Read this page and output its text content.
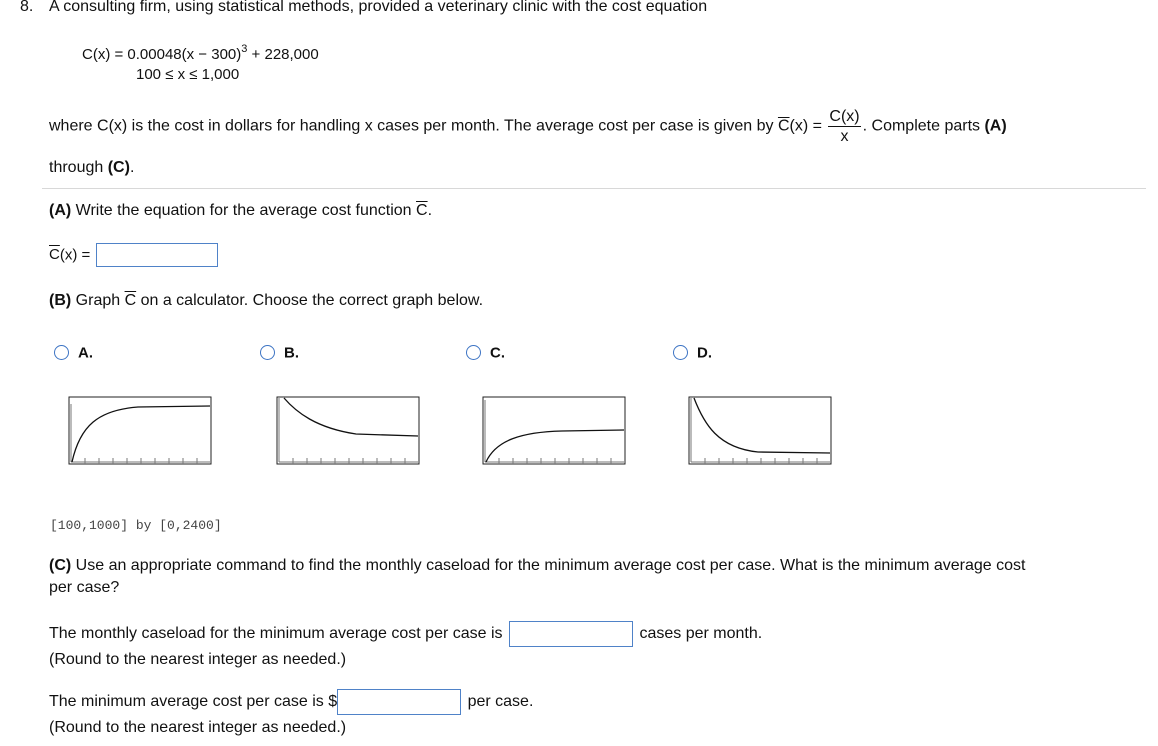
8. A consulting firm, using statistical methods, provided a veterinary clinic with the cost equation
$C(x) = 0.00048(x - 300)^3 + 228,000$
100 ≤ x ≤ 1,000
where C(x) is the cost in dollars for handling x cases per month. The average cost per case is given by $\overline{C}(x) = \frac{C(x)}{x}$ . Complete parts (A)
through (C).
(A) Write the equation for the average cost function $\overline{C}$.
$\overline{C}(x)$ =
(B) Graph $\overline{C}$ on a calculator. Choose the correct graph below.
A.	B.	C.	D.
[100,1000] by [0,2400]
(C) Use an appropriate command to find the monthly caseload for the minimum average cost per case. What is the minimum average cost
per case?
The monthly caseload for the minimum average cost per case is	cases per month.
(Round to the nearest integer as needed.)
The minimum average cost per case is $	per case.
(Round to the nearest integer as needed.)
